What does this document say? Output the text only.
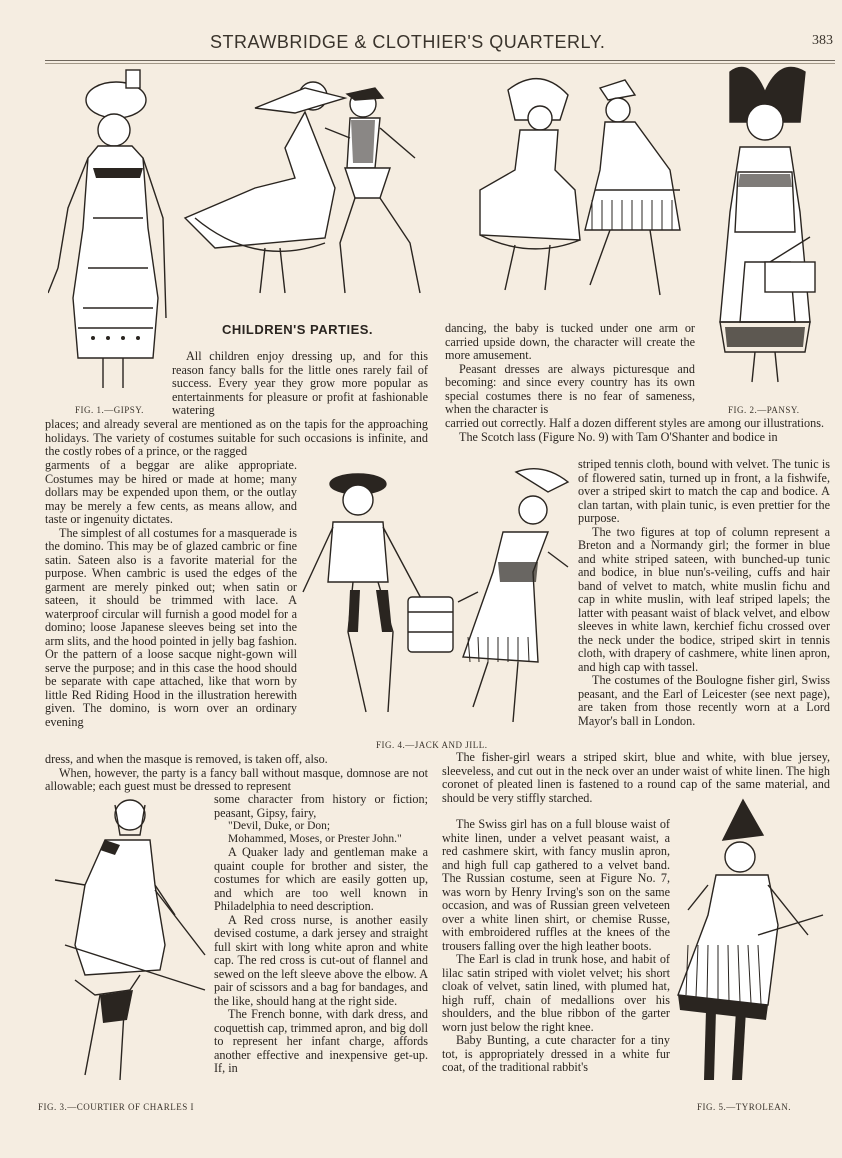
STRAWBRIDGE & CLOTHIER'S QUARTERLY.	383
FIG. 1.—GIPSY.	FIG. 2.—PANSY.
CHILDREN'S PARTIES.

All children enjoy dressing up, and for this reason fancy balls for the little ones rarely fail of success. Every year they grow more popular as entertainments for pleasure or profit at fashionable watering

places; and already several are mentioned as on the tapis for the approaching holidays. The variety of costumes suitable for such occasions is infinite, and the costly robes of a prince, or the ragged

garments of a beggar are alike appropriate. Costumes may be hired or made at home; many dollars may be expended upon them, or the outlay may be merely a few cents, as means allow, and taste or ingenuity dictates.

The simplest of all costumes for a masquerade is the domino. This may be of glazed cambric or fine satin. Sateen also is a favorite material for the purpose. When cambric is used the edges of the garment are merely pinked out; when satin or sateen, it should be trimmed with lace. A waterproof circular will furnish a good model for a domino; loose Japanese sleeves being set into the arm slits, and the hood pointed in jelly bag fashion. Or the pattern of a loose sacque night-gown will serve the purpose; and in this case the hood should be separate with cape attached, like that worn by little Red Riding Hood in the illustration herewith given. The domino, is worn over an ordinary evening

dancing, the baby is tucked under one arm or carried upside down, the character will create the more amusement.

Peasant dresses are always picturesque and becoming: and since every country has its own special costumes there is no fear of sameness, when the character is

carried out correctly. Half a dozen different styles are among our illustrations.

The Scotch lass (Figure No. 9) with Tam O'Shanter and bodice in

FIG. 4.—JACK AND JILL.

striped tennis cloth, bound with velvet. The tunic is of flowered satin, turned up in front, a la fishwife, over a striped skirt to match the cap and bodice. A clan tartan, with plain tunic, is even prettier for the purpose.

The two figures at top of column represent a Breton and a Normandy girl; the former in blue and white striped sateen, with bunched-up tunic and bodice, in blue nun's-veiling, cuffs and hair band of velvet to match, white muslin fichu and cap in white muslin, with leaf striped lapels; the latter with peasant waist of black velvet, and elbow sleeves in white lawn, kerchief fichu crossed over the neck under the bodice, striped skirt in tennis cloth, with drapery of cashmere, white linen apron, and high cap with tassel.

The costumes of the Boulogne fisher girl, Swiss peasant, and the Earl of Leicester (see next page), are taken from those recently worn at a Lord Mayor's ball in London.

dress, and when the masque is removed, is taken off, also.

When, however, the party is a fancy ball without masque, domnose are not allowable; each guest must be dressed to represent

FIG. 3.—COURTIER OF CHARLES I

some character from history or fiction; peasant, Gipsy, fairy,

"Devil, Duke, or Don;
Mohammed, Moses, or Prester John."

A Quaker lady and gentleman make a quaint couple for brother and sister, the costumes for which are easily gotten up, and which are too well known in Philadelphia to need description.

A Red cross nurse, is another easily devised costume, a dark jersey and straight full skirt with long white apron and white cap. The red cross is cut-out of flannel and sewed on the left sleeve above the elbow. A pair of scissors and a bag for bandages, and the like, should hang at the right side.

The French bonne, with dark dress, and coquettish cap, trimmed apron, and big doll to represent her infant charge, affords another effective and inexpensive get-up. If, in

The fisher-girl wears a striped skirt, blue and white, with blue jersey, sleeveless, and cut out in the neck over an under waist of white linen. The high coronet of pleated linen is fastened to a round cap of the same material, and should be very stiffly starched.

The Swiss girl has on a full blouse waist of white linen, under a velvet peasant waist, a red cashmere skirt, with fancy muslin apron, and high full cap gathered to a velvet band. The Russian costume, seen at Figure No. 7, was worn by Henry Irving's son on the same occasion, and was of Russian green velveteen over a white linen shirt, or chemise Russe, with embroidered ruffles at the knees of the trousers falling over the high leather boots.

The Earl is clad in trunk hose, and habit of lilac satin striped with violet velvet; his short cloak of velvet, satin lined, with plumed hat, high ruff, chain of medallions over his shoulders, and the blue ribbon of the garter worn just below the right knee.

Baby Bunting, a cute character for a tiny tot, is appropriately dressed in a white fur coat, of the traditional rabbit's

FIG. 5.—TYROLEAN.
